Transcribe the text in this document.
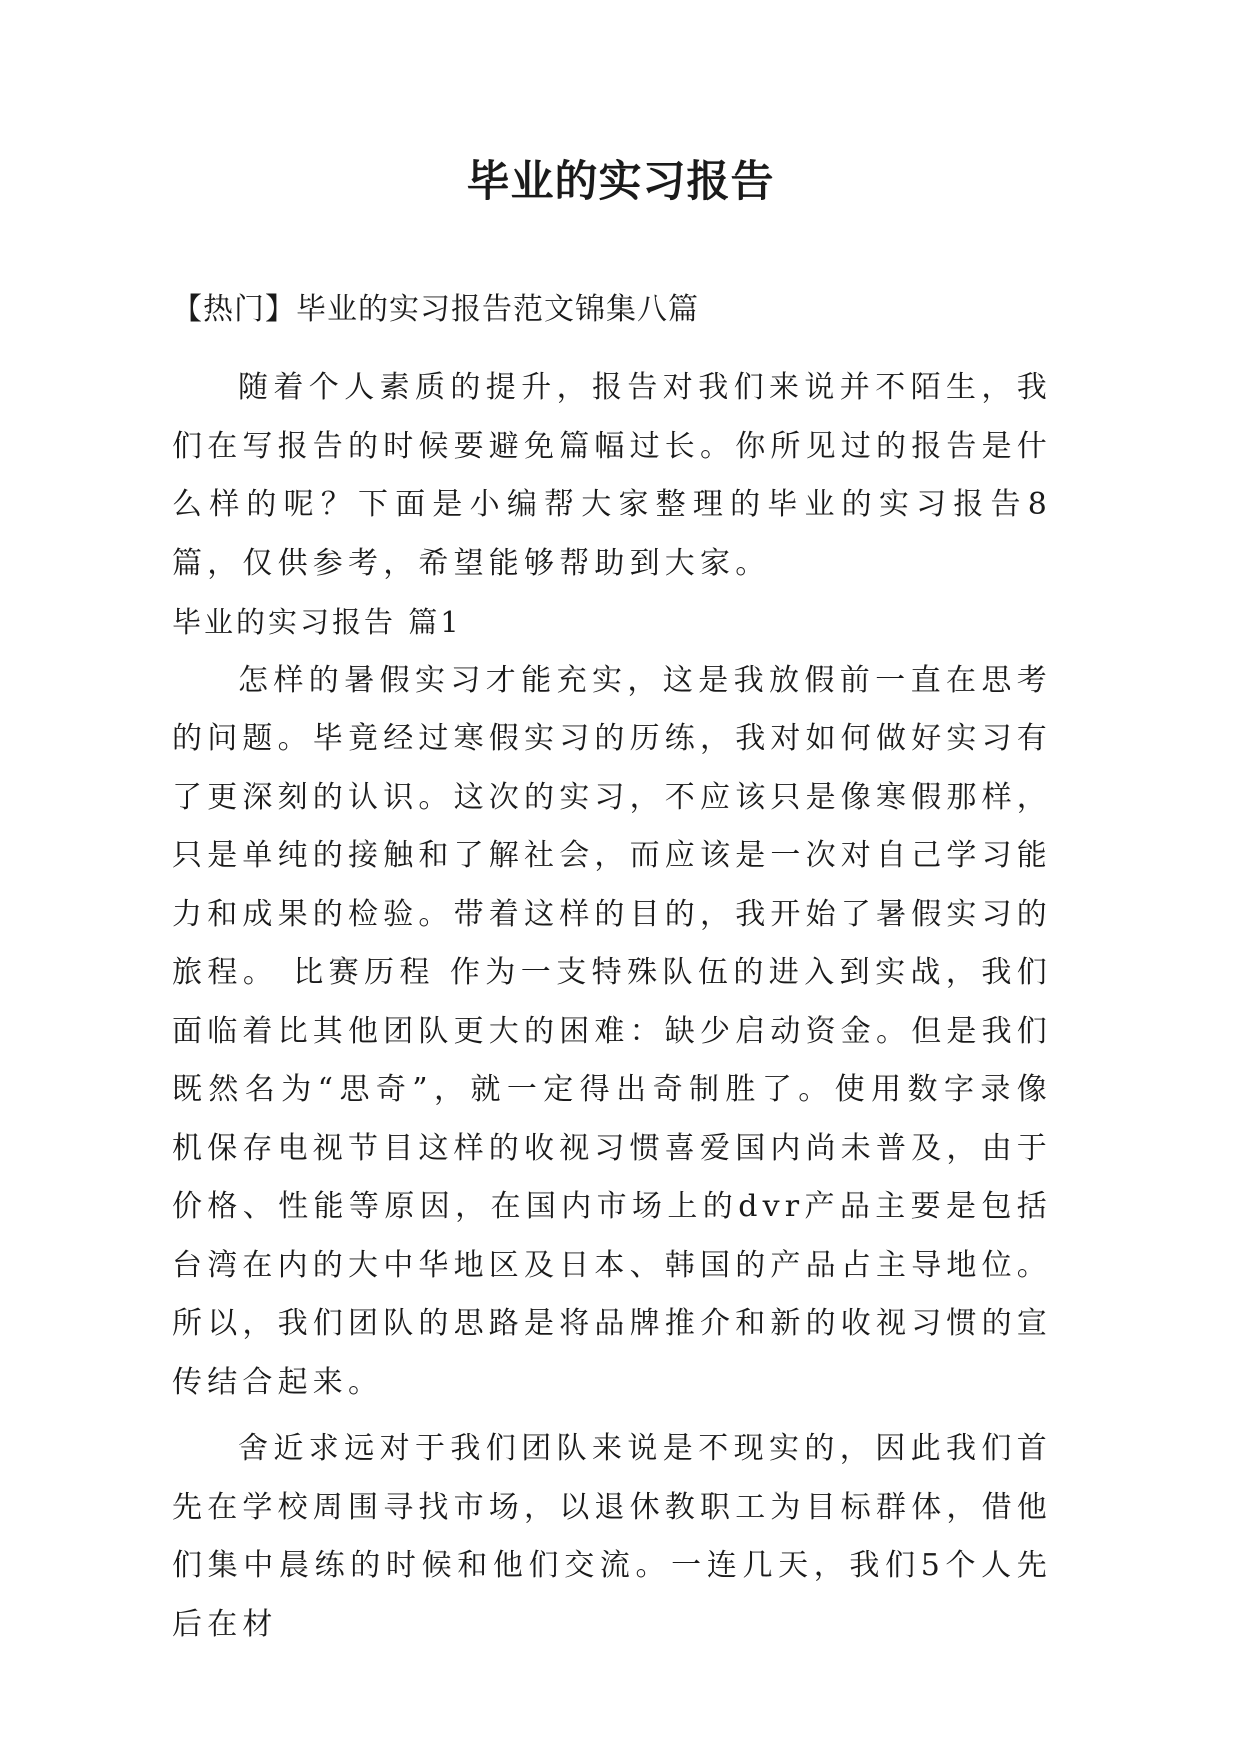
毕业的实习报告

【热门】毕业的实习报告范文锦集八篇

随着个人素质的提升，报告对我们来说并不陌生，我们在写报告的时候要避免篇幅过长。你所见过的报告是什么样的呢？下面是小编帮大家整理的毕业的实习报告8篇，仅供参考，希望能够帮助到大家。

毕业的实习报告 篇1

怎样的暑假实习才能充实，这是我放假前一直在思考的问题。毕竟经过寒假实习的历练，我对如何做好实习有了更深刻的认识。这次的实习，不应该只是像寒假那样，只是单纯的接触和了解社会，而应该是一次对自己学习能力和成果的检验。带着这样的目的，我开始了暑假实习的旅程。 比赛历程 作为一支特殊队伍的进入到实战，我们面临着比其他团队更大的困难：缺少启动资金。但是我们既然名为“思奇”，就一定得出奇制胜了。使用数字录像机保存电视节目这样的收视习惯喜爱国内尚未普及，由于价格、性能等原因，在国内市场上的dvr产品主要是包括台湾在内的大中华地区及日本、韩国的产品占主导地位。所以，我们团队的思路是将品牌推介和新的收视习惯的宣传结合起来。

舍近求远对于我们团队来说是不现实的，因此我们首先在学校周围寻找市场，以退休教职工为目标群体，借他们集中晨练的时候和他们交流。一连几天，我们5个人先后在材
